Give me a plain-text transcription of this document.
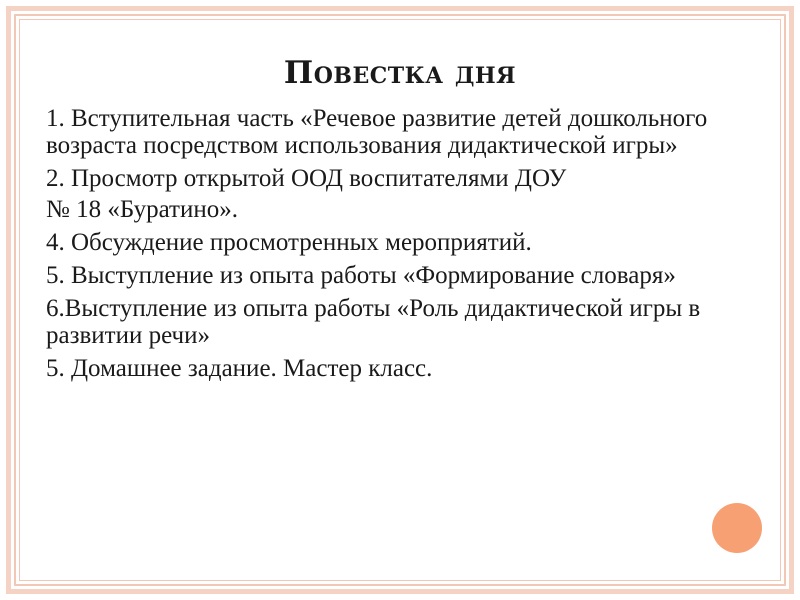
Повестка дня
1. Вступительная часть «Речевое развитие детей дошкольного возраста посредством использования дидактической игры»
2. Просмотр открытой ООД воспитателями ДОУ
№ 18 «Буратино».
4. Обсуждение просмотренных мероприятий.
5. Выступление из опыта работы «Формирование словаря»
6.Выступление из опыта работы «Роль дидактической игры в развитии речи»
5. Домашнее задание. Мастер класс.
